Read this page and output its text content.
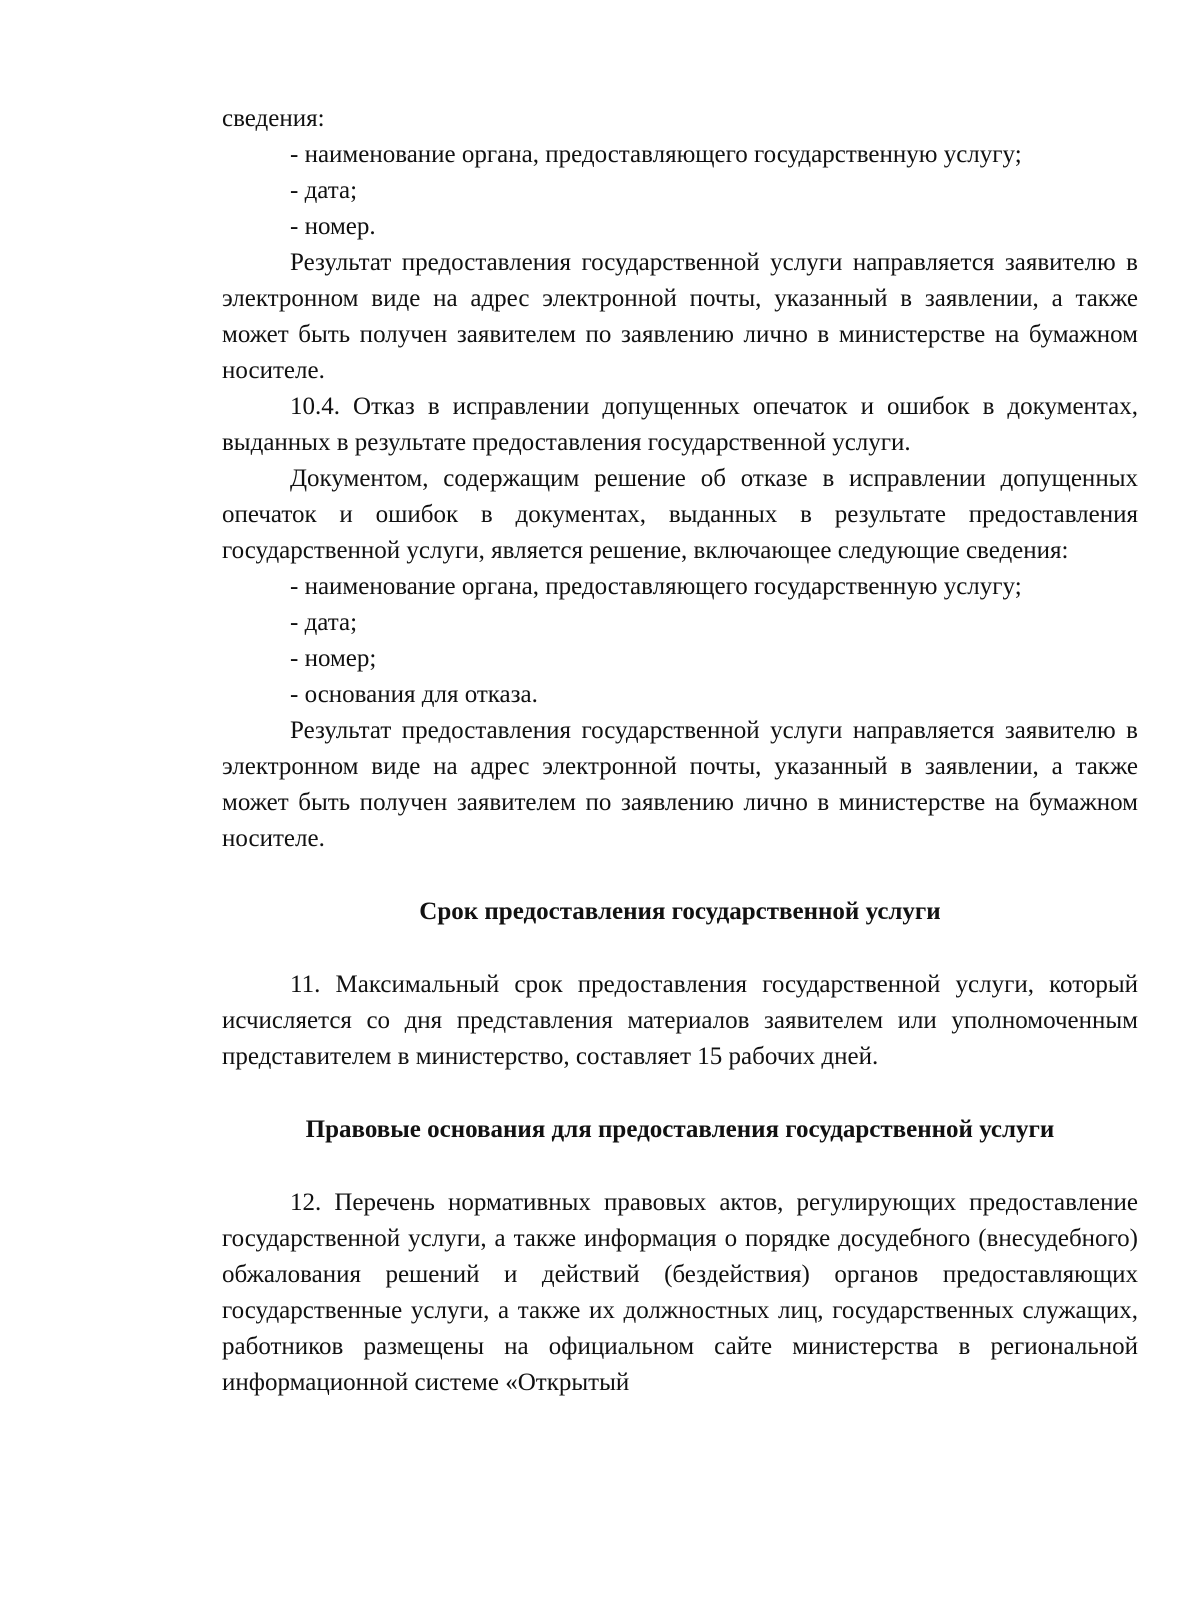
сведения:

- наименование органа, предоставляющего государственную услугу;

- дата;

- номер.

Результат предоставления государственной услуги направляется заявителю в электронном виде на адрес электронной почты, указанный в заявлении, а также может быть получен заявителем по заявлению лично в министерстве на бумажном носителе.

10.4. Отказ в исправлении допущенных опечаток и ошибок в документах, выданных в результате предоставления государственной услуги.

Документом, содержащим решение об отказе в исправлении допущенных опечаток и ошибок в документах, выданных в результате предоставления государственной услуги, является решение, включающее следующие сведения:

- наименование органа, предоставляющего государственную услугу;

- дата;

- номер;

- основания для отказа.

Результат предоставления государственной услуги направляется заявителю в электронном виде на адрес электронной почты, указанный в заявлении, а также может быть получен заявителем по заявлению лично в министерстве на бумажном носителе.

Срок предоставления государственной услуги

11. Максимальный срок предоставления государственной услуги, который исчисляется со дня представления материалов заявителем или уполномоченным представителем в министерство, составляет 15 рабочих дней.

Правовые основания для предоставления государственной услуги

12. Перечень нормативных правовых актов, регулирующих предоставление государственной услуги, а также информация о порядке досудебного (внесудебного) обжалования решений и действий (бездействия) органов предоставляющих государственные услуги, а также их должностных лиц, государственных служащих, работников размещены на официальном сайте министерства в региональной информационной системе «Открытый
